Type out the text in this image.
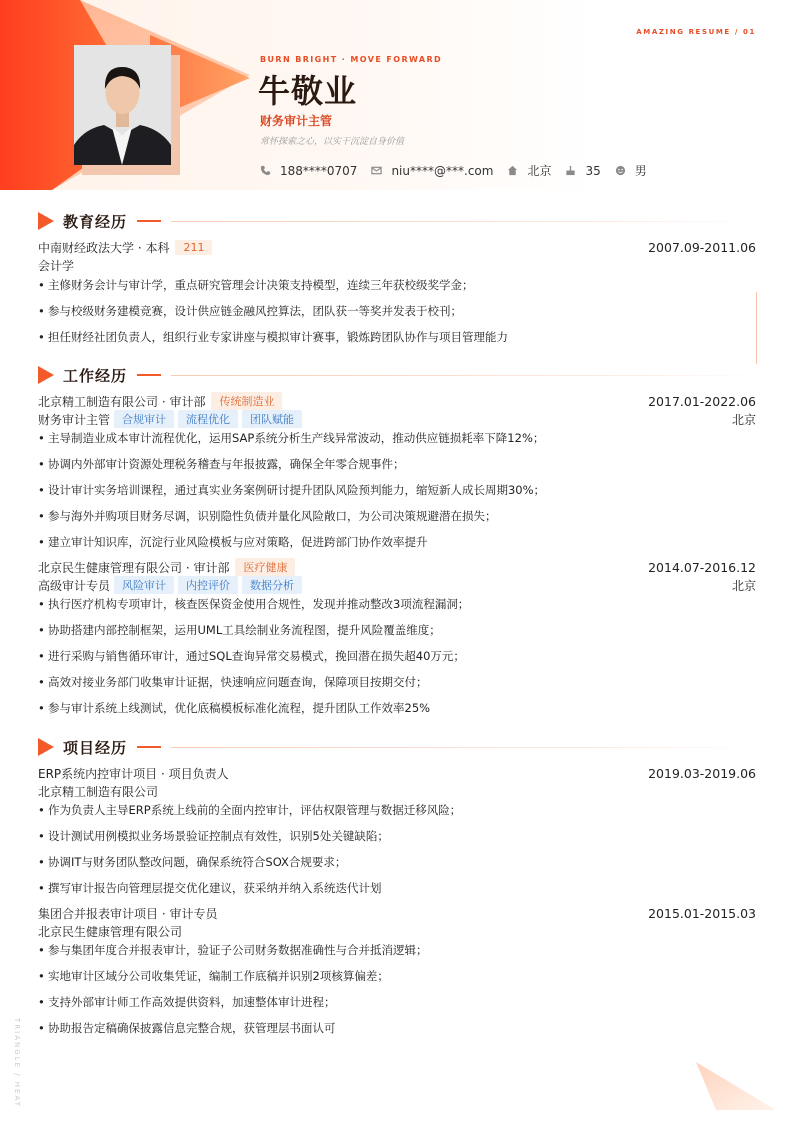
AMAZING RESUME / 01
BURN BRIGHT · MOVE FORWARD
牛敬业
财务审计主管
常怀探索之心，以实干沉淀自身价值
188****0707	niu****@***.com	北京	35	男
教育经历
中南财经政法大学 · 本科	211	2007.09-2011.06
会计学
• 主修财务会计与审计学，重点研究管理会计决策支持模型，连续三年获校级奖学金；
• 参与校级财务建模竞赛，设计供应链金融风控算法，团队获一等奖并发表于校刊；
• 担任财经社团负责人，组织行业专家讲座与模拟审计赛事，锻炼跨团队协作与项目管理能力
工作经历
北京精工制造有限公司 · 审计部	传统制造业	2017.01-2022.06
财务审计主管	合规审计	流程优化	团队赋能	北京
• 主导制造业成本审计流程优化，运用SAP系统分析生产线异常波动，推动供应链损耗率下降12%；
• 协调内外部审计资源处理税务稽查与年报披露，确保全年零合规事件；
• 设计审计实务培训课程，通过真实业务案例研讨提升团队风险预判能力，缩短新人成长周期30%；
• 参与海外并购项目财务尽调，识别隐性负债并量化风险敞口，为公司决策规避潜在损失；
• 建立审计知识库，沉淀行业风险模板与应对策略，促进跨部门协作效率提升
北京民生健康管理有限公司 · 审计部	医疗健康	2014.07-2016.12
高级审计专员	风险审计	内控评价	数据分析	北京
• 执行医疗机构专项审计，核查医保资金使用合规性，发现并推动整改3项流程漏洞；
• 协助搭建内部控制框架，运用UML工具绘制业务流程图，提升风险覆盖维度；
• 进行采购与销售循环审计，通过SQL查询异常交易模式，挽回潜在损失超40万元；
• 高效对接业务部门收集审计证据，快速响应问题查询，保障项目按期交付；
• 参与审计系统上线测试，优化底稿模板标准化流程，提升团队工作效率25%
项目经历
ERP系统内控审计项目 · 项目负责人	2019.03-2019.06
北京精工制造有限公司
• 作为负责人主导ERP系统上线前的全面内控审计，评估权限管理与数据迁移风险；
• 设计测试用例模拟业务场景验证控制点有效性，识别5处关键缺陷；
• 协调IT与财务团队整改问题，确保系统符合SOX合规要求；
• 撰写审计报告向管理层提交优化建议，获采纳并纳入系统迭代计划
集团合并报表审计项目 · 审计专员	2015.01-2015.03
北京民生健康管理有限公司
• 参与集团年度合并报表审计，验证子公司财务数据准确性与合并抵消逻辑；
• 实地审计区域分公司收集凭证，编制工作底稿并识别2项核算偏差；
• 支持外部审计师工作高效提供资料，加速整体审计进程；
• 协助报告定稿确保披露信息完整合规，获管理层书面认可
TRIANGLE / HEAT
